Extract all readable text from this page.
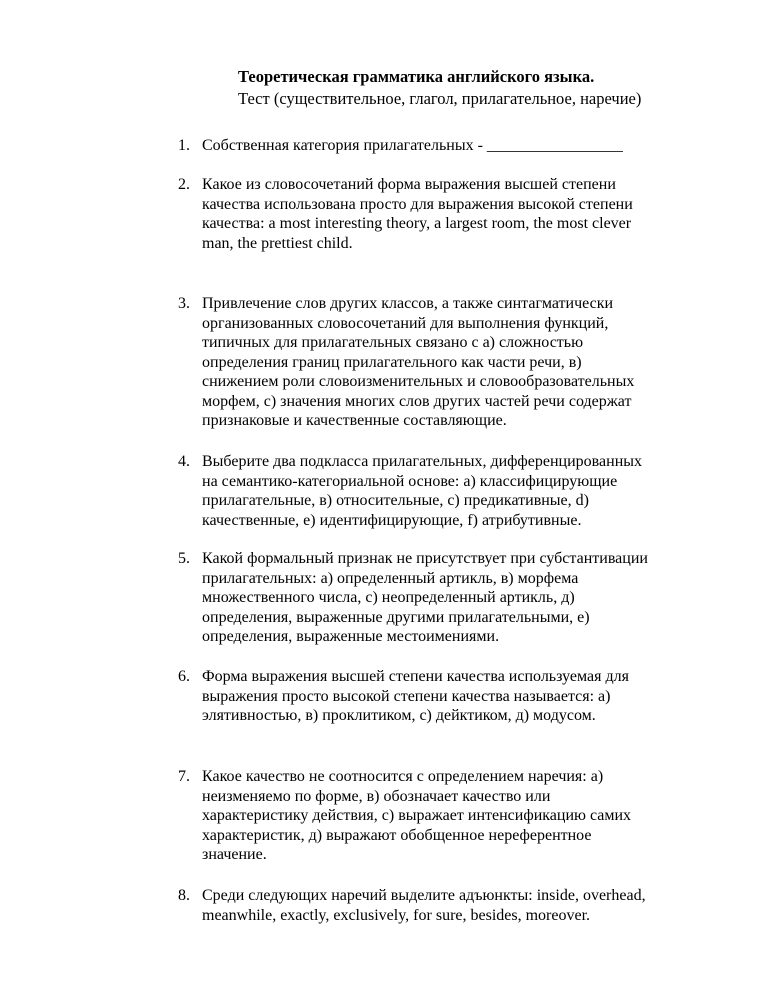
Теоретическая грамматика английского языка.
Тест (существительное, глагол, прилагательное, наречие)
1. Собственная категория прилагательных - _________________
2. Какое из словосочетаний форма выражения высшей степени
качества использована просто для выражения высокой степени
качества: a most interesting theory, a largest room, the most clever
man, the prettiest child.
3. Привлечение слов других классов, а также синтагматически
организованных словосочетаний для выполнения функций,
типичных для прилагательных связано с а) сложностью
определения границ прилагательного как части речи, в)
снижением роли словоизменительных и словообразовательных
морфем, с) значения многих слов других частей речи содержат
признаковые и качественные составляющие.
4. Выберите два подкласса прилагательных, дифференцированных
на семантико-категориальной основе: а) классифицирующие
прилагательные, в) относительные, с) предикативные, d)
качественные, е) идентифицирующие, f) атрибутивные.
5. Какой формальный признак не присутствует при субстантивации
прилагательных: а) определенный артикль, в) морфема
множественного числа, с) неопределенный артикль, д)
определения, выраженные другими прилагательными, е)
определения, выраженные местоимениями.
6. Форма выражения высшей степени качества используемая для
выражения просто высокой степени качества называется: а)
элятивностью, в) проклитиком, с) дейктиком, д) модусом.
7. Какое качество не соотносится с определением наречия: а)
неизменяемо по форме, в) обозначает качество или
характеристику действия, с) выражает интенсификацию самих
характеристик, д) выражают обобщенное нереферентное
значение.
8. Среди следующих наречий выделите адъюнкты: inside, overhead,
meanwhile, exactly, exclusively, for sure, besides, moreover.
